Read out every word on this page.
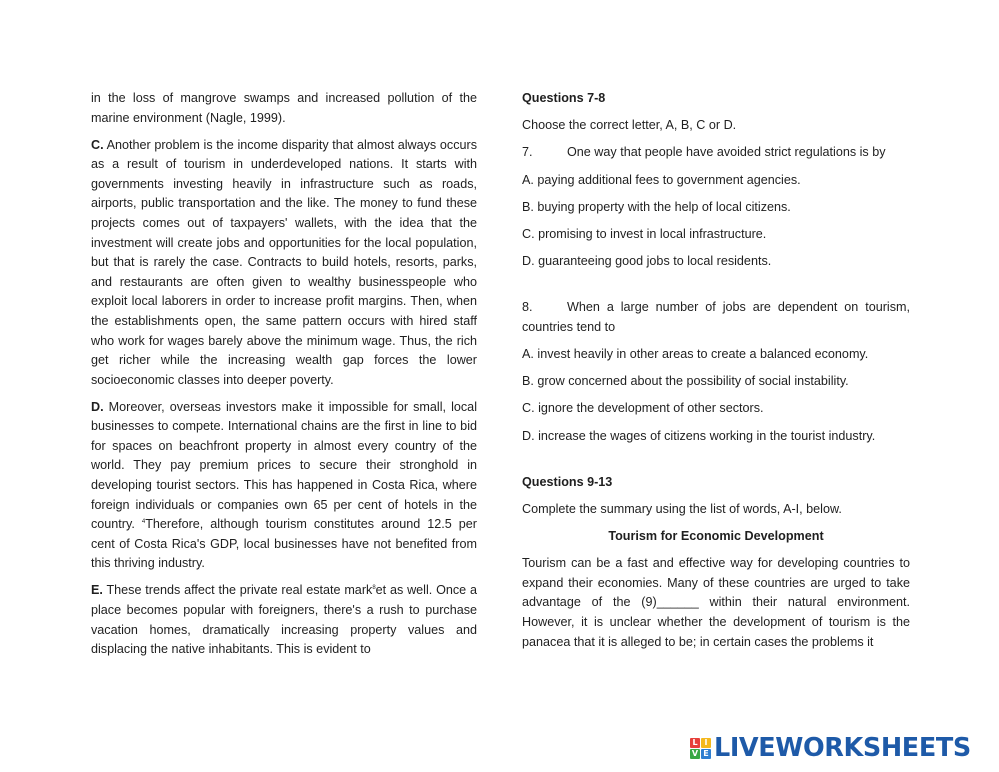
in the loss of mangrove swamps and increased pollution of the marine environment (Nagle, 1999).

C. Another problem is the income disparity that almost always occurs as a result of tourism in underdeveloped nations. It starts with governments investing heavily in infrastructure such as roads, airports, public transportation and the like. The money to fund these projects comes out of taxpayers' wallets, with the idea that the investment will create jobs and opportunities for the local population, but that is rarely the case. Contracts to build hotels, resorts, parks, and restaurants are often given to wealthy businesspeople who exploit local laborers in order to increase profit margins. Then, when the establishments open, the same pattern occurs with hired staff who work for wages barely above the minimum wage. Thus, the rich get richer while the increasing wealth gap forces the lower socioeconomic classes into deeper poverty.

D. Moreover, overseas investors make it impossible for small, local businesses to compete. International chains are the first in line to bid for spaces on beachfront property in almost every country of the world. They pay premium prices to secure their stronghold in developing tourist sectors. This has happened in Costa Rica, where foreign individuals or companies own 65 per cent of hotels in the country. $^4$Therefore, although tourism constitutes around 12.5 per cent of Costa Rica's GDP, local businesses have not benefited from this thriving industry.

E. These trends affect the private real estate mark$^8$et as well. Once a place becomes popular with foreigners, there's a rush to purchase vacation homes, dramatically increasing property values and displacing the native inhabitants. This is evident to

Questions 7-8

Choose the correct letter, A, B, C or D.

7.	One way that people have avoided strict regulations is by

A. paying additional fees to government agencies.

B. buying property with the help of local citizens.

C. promising to invest in local infrastructure.

D. guaranteeing good jobs to local residents.

8.	When a large number of jobs are dependent on tourism, countries tend to

A. invest heavily in other areas to create a balanced economy.

B. grow concerned about the possibility of social instability.

C. ignore the development of other sectors.

D. increase the wages of citizens working in the tourist industry.

Questions 9-13

Complete the summary using the list of words, A-I, below.

Tourism for Economic Development

Tourism can be a fast and effective way for developing countries to expand their economies. Many of these countries are urged to take advantage of the (9)______ within their natural environment. However, it is unclear whether the development of tourism is the panacea that it is alleged to be; in certain cases the problems it

L I
V E LIVEWORKSHEETS
